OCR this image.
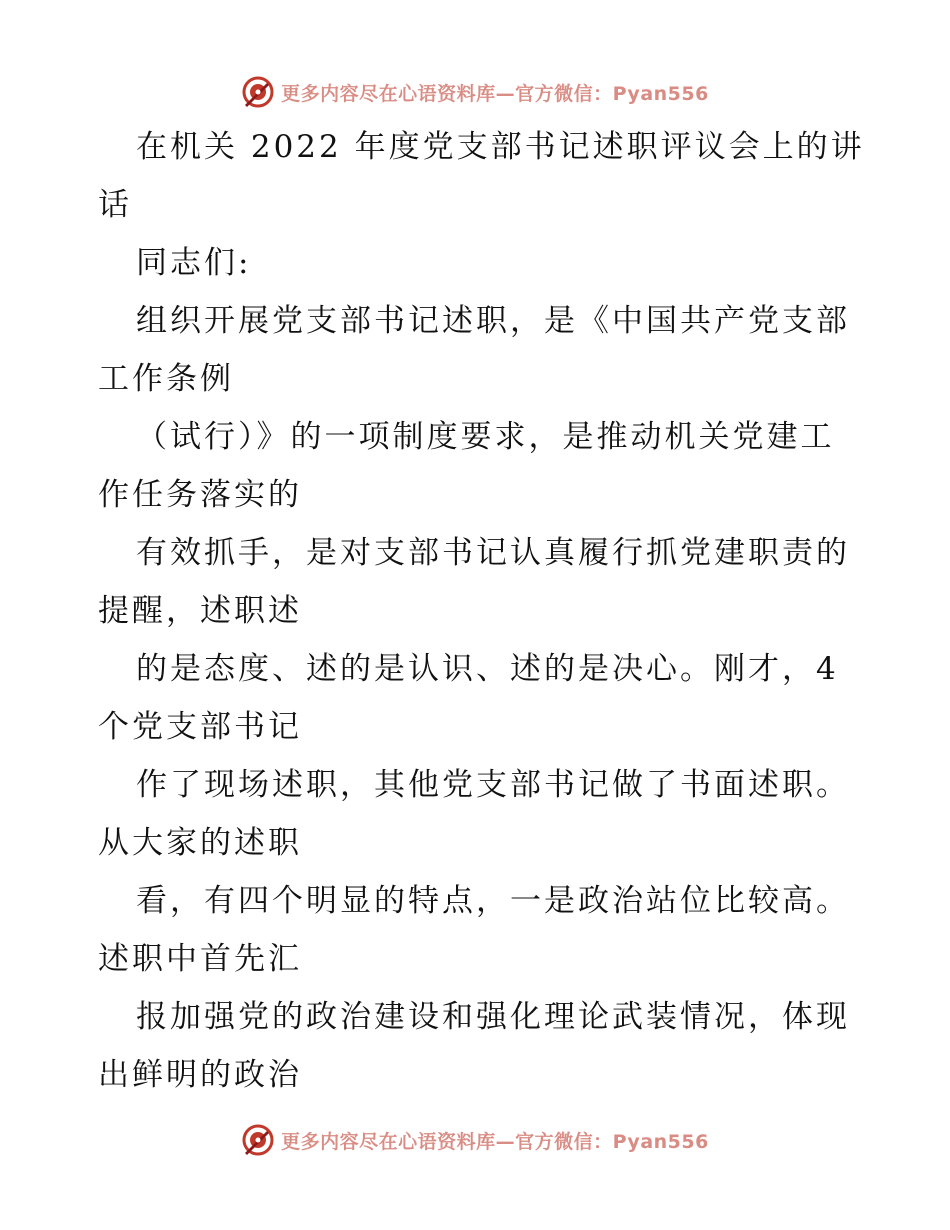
更多内容尽在心语资料库—官方微信：Pyan556
在机关 2022 年度党支部书记述职评议会上的讲
话
同志们:
组织开展党支部书记述职，是《中国共产党支部
工作条例
（试行）》的一项制度要求，是推动机关党建工
作任务落实的
有效抓手，是对支部书记认真履行抓党建职责的
提醒，述职述
的是态度、述的是认识、述的是决心。刚才，4
个党支部书记
作了现场述职，其他党支部书记做了书面述职。
从大家的述职
看，有四个明显的特点，一是政治站位比较高。
述职中首先汇
报加强党的政治建设和强化理论武装情况，体现
出鲜明的政治
更多内容尽在心语资料库—官方微信：Pyan556
